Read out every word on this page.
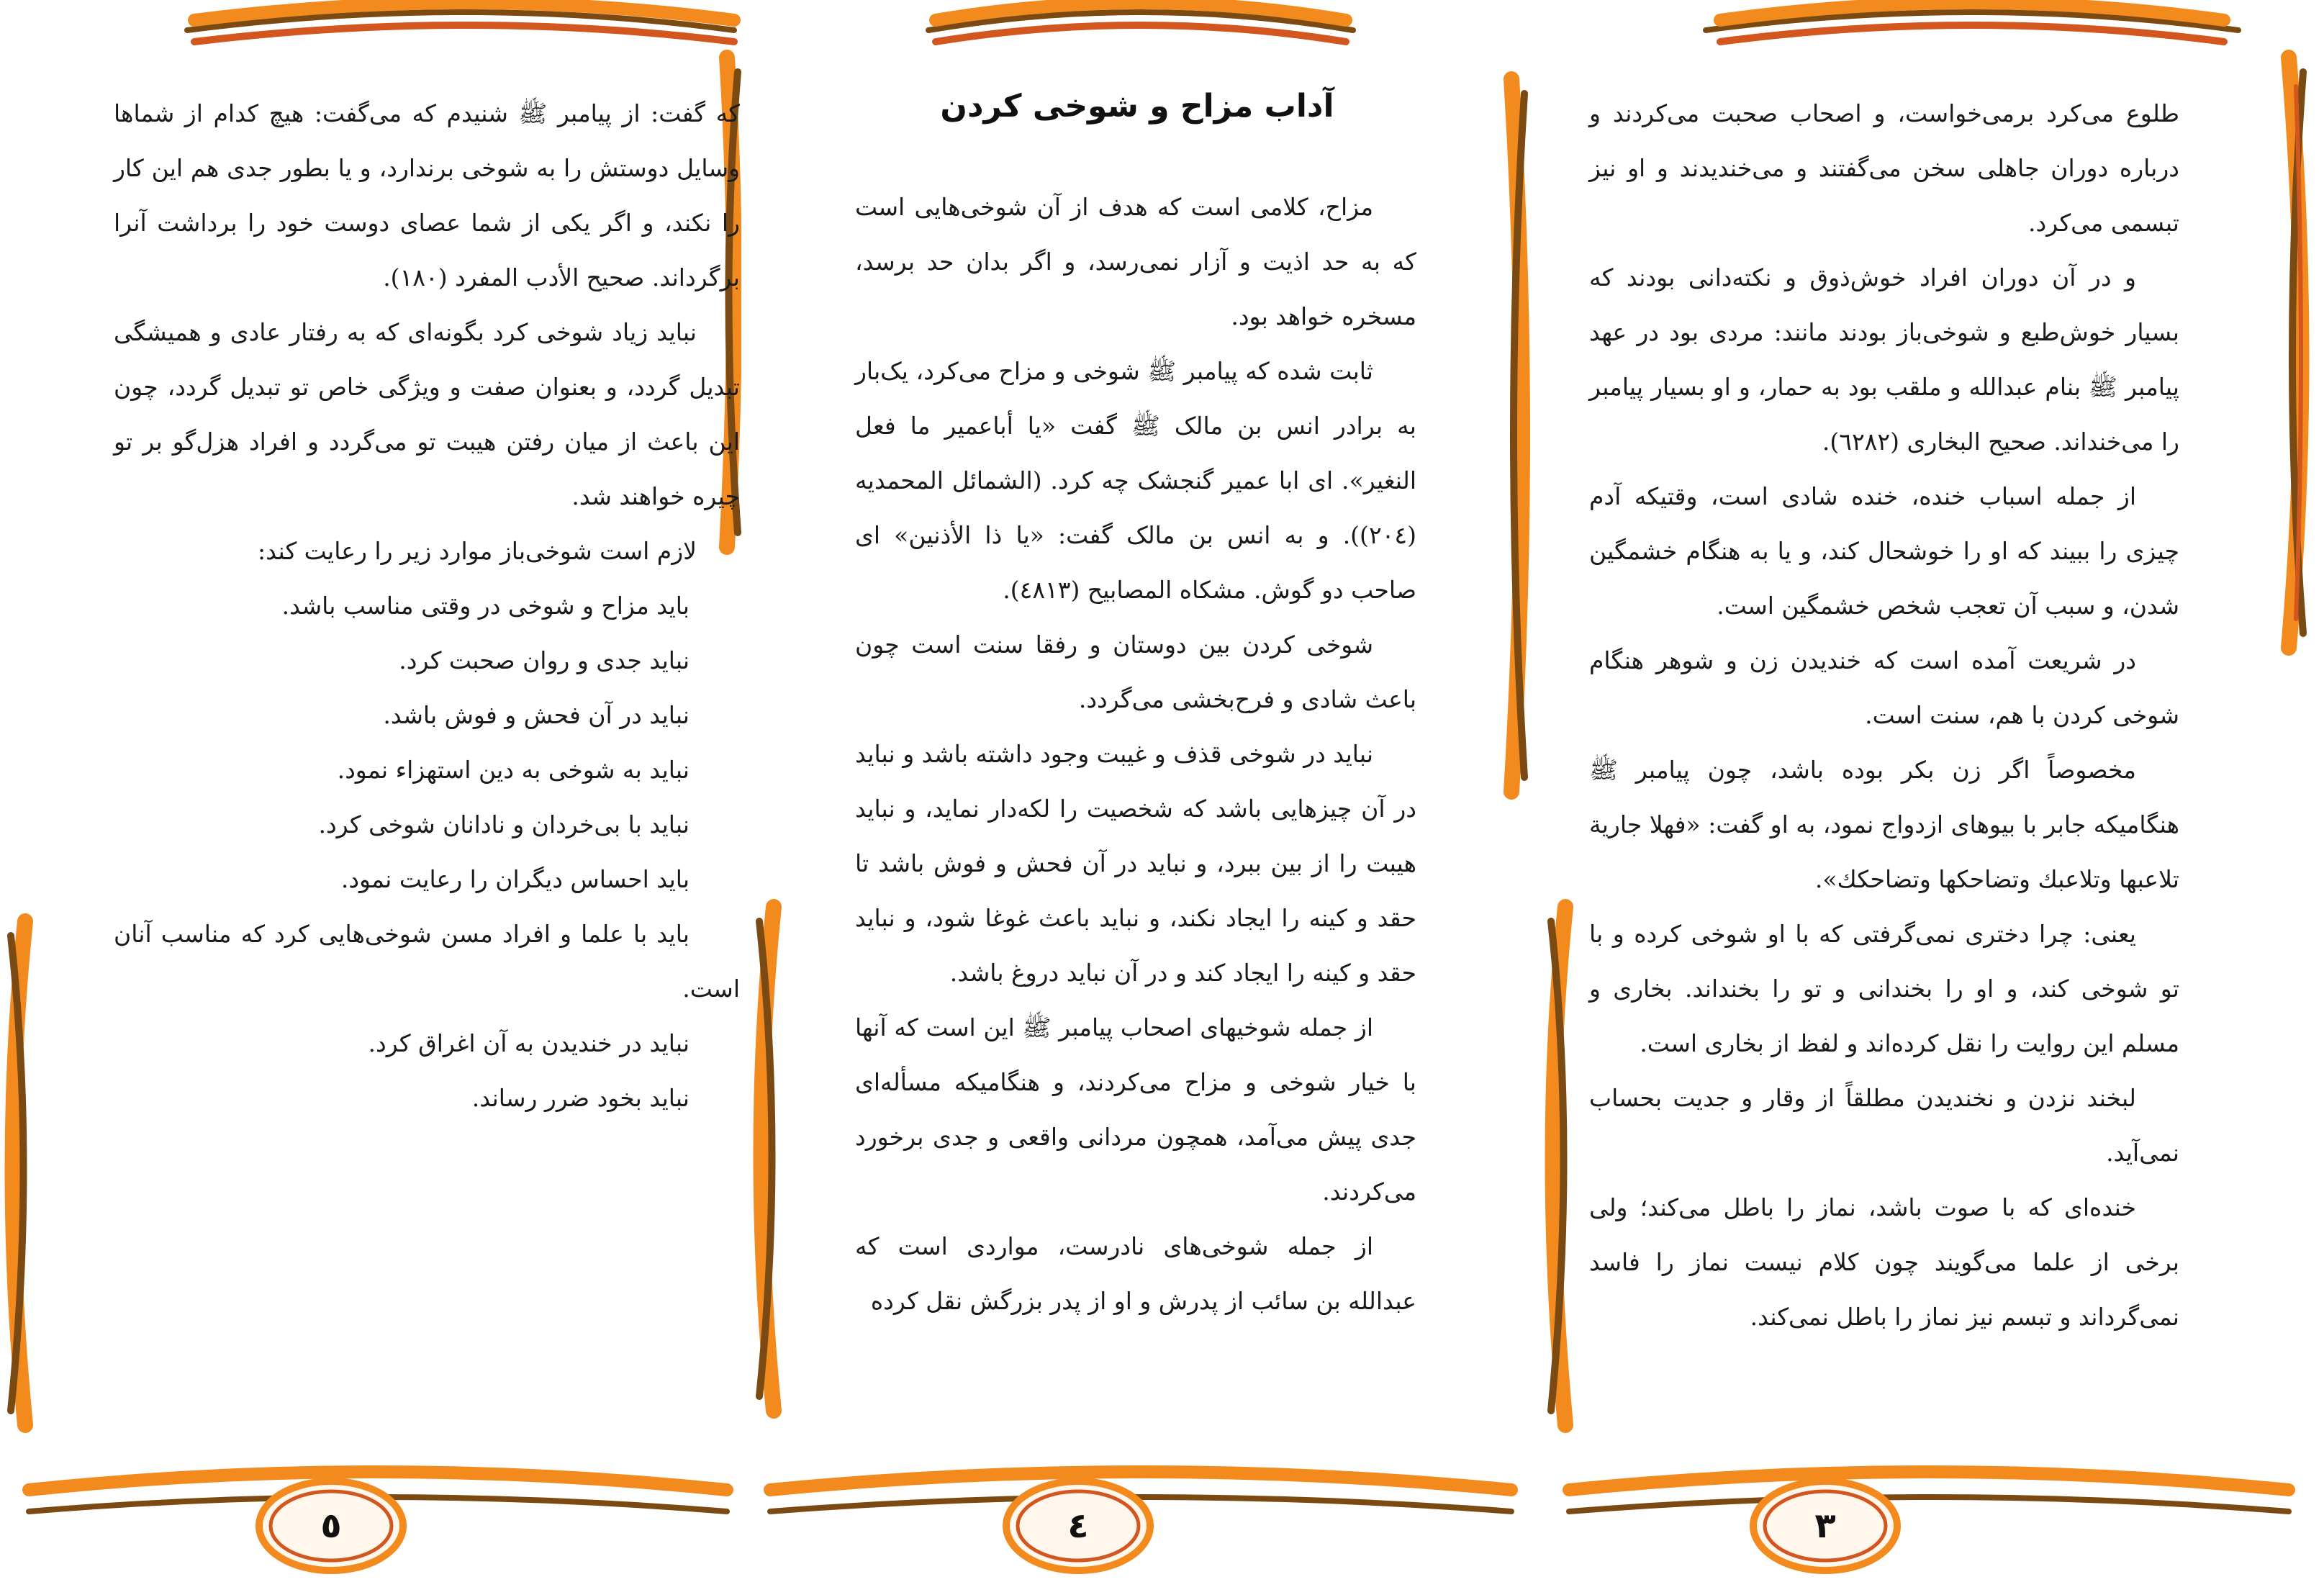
طلوع می‌کرد برمی‌خواست، و اصحاب صحبت می‌کردند و درباره دوران جاهلی سخن می‌گفتند و می‌خندیدند و او نیز تبسمی می‌کرد.

و در آن دوران افراد خوش‌ذوق و نکته‌دانی بودند که بسیار خوش‌طبع و شوخی‌باز بودند مانند: مردی بود در عهد پیامبر ﷺ بنام عبدالله و ملقب بود به حمار، و او بسیار پیامبر را می‌خنداند. صحیح البخاری (٦٢٨٢).

از جمله اسباب خنده، خنده شادی است، وقتیکه آدم چیزی را ببیند که او را خوشحال کند، و یا به هنگام خشمگین شدن، و سبب آن تعجب شخص خشمگین است.

در شریعت آمده است که خندیدن زن و شوهر هنگام شوخی کردن با هم، سنت است.

مخصوصاً اگر زن بکر بوده باشد، چون پیامبر ﷺ هنگامیکه جابر با بیوهای ازدواج نمود، به او گفت: «فهلا جارية تلاعبها وتلاعبك وتضاحكها وتضاحكك».

یعنی: چرا دختری نمی‌گرفتی که با او شوخی کرده و با تو شوخی کند، و او را بخندانی و تو را بخنداند. بخاری و مسلم این روایت را نقل کرده‌اند و لفظ از بخاری است.

لبخند نزدن و نخندیدن مطلقاً از وقار و جدیت بحساب نمی‌آید.

خنده‌ای که با صوت باشد، نماز را باطل می‌کند؛ ولی برخی از علما می‌گویند چون کلام نیست نماز را فاسد نمی‌گرداند و تبسم نیز نماز را باطل نمی‌کند.

٣
آداب مزاح و شوخی کردن

مزاح، کلامی است که هدف از آن شوخی‌هایی است که به حد اذیت و آزار نمی‌رسد، و اگر بدان حد برسد، مسخره خواهد بود.

ثابت شده که پیامبر ﷺ شوخی و مزاح می‌کرد، یک‌بار به برادر انس بن مالک ﷺ گفت «يا أباعمير ما فعل النغير». ای ابا عمیر گنجشک چه کرد. (الشمائل المحمديه (٢٠٤)). و به انس بن مالک گفت: «يا ذا الأذنين» ای صاحب دو گوش. مشکاه المصابیح (٤٨١٣).

شوخی کردن بین دوستان و رفقا سنت است چون باعث شادی و فرح‌بخشی می‌گردد.

نباید در شوخی قذف و غیبت وجود داشته باشد و نباید در آن چیزهایی باشد که شخصیت را لکه‌دار نماید، و نباید هیبت را از بین ببرد، و نباید در آن فحش و فوش باشد تا حقد و کینه را ایجاد نکند، و نباید باعث غوغا شود، و نباید حقد و کینه را ایجاد کند و در آن نباید دروغ باشد.

از جمله شوخیهای اصحاب پیامبر ﷺ این است که آنها با خیار شوخی و مزاح می‌کردند، و هنگامیکه مسأله‌ای جدی پیش می‌آمد، همچون مردانی واقعی و جدی برخورد می‌کردند.

از جمله شوخی‌های نادرست، مواردی است که عبدالله بن سائب از پدرش و او از پدر بزرگش نقل کرده

٤

که گفت: از پیامبر ﷺ شنیدم که می‌گفت: هیچ کدام از شماها وسایل دوستش را به شوخی برندارد، و یا بطور جدی هم این کار را نکند، و اگر یکی از شما عصای دوست خود را برداشت آنرا برگرداند. صحيح الأدب المفرد (١٨٠).

نباید زیاد شوخی کرد بگونه‌ای که به رفتار عادی و همیشگی تبدیل گردد، و بعنوان صفت و ویژگی خاص تو تبدیل گردد، چون این باعث از میان رفتن هیبت تو می‌گردد و افراد هزل‌گو بر تو چیره خواهند شد.

لازم است شوخی‌باز موارد زیر را رعایت کند:

باید مزاح و شوخی در وقتی مناسب باشد.

نباید جدی و روان صحبت کرد.

نباید در آن فحش و فوش باشد.

نباید به شوخی به دین استهزاء نمود.

نباید با بی‌خردان و نادانان شوخی کرد.

باید احساس دیگران را رعایت نمود.

باید با علما و افراد مسن شوخی‌هایی کرد که مناسب آنان است.

نباید در خندیدن به آن اغراق کرد.

نباید بخود ضرر رساند.

٥
